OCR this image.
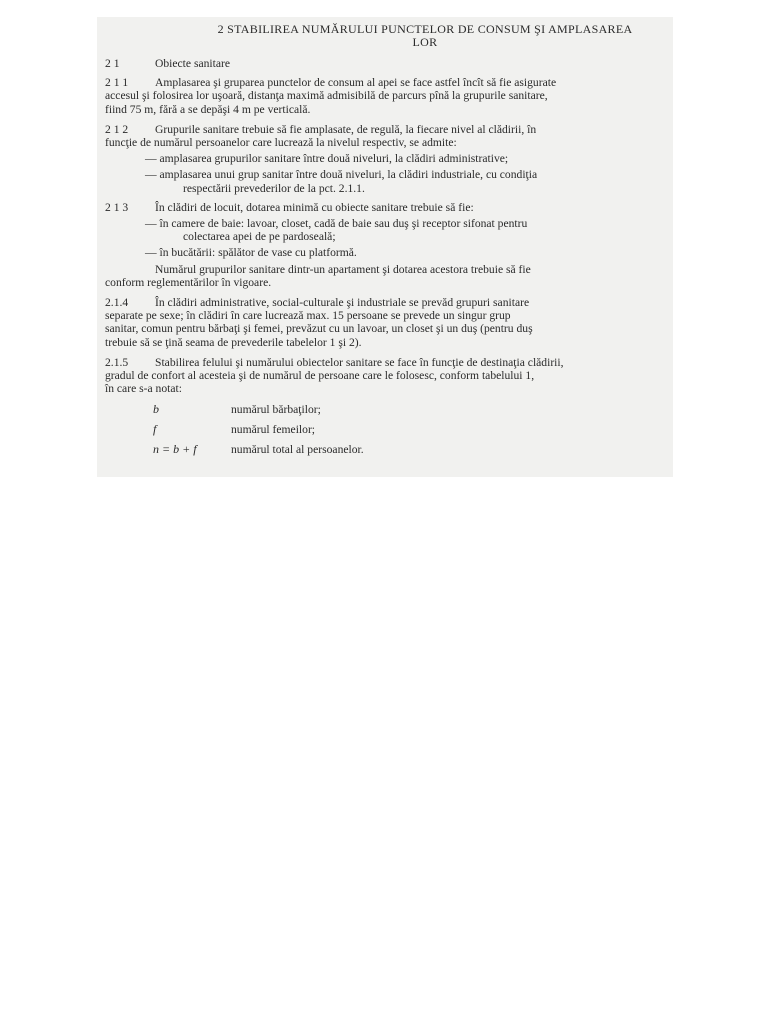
2 STABILIREA NUMĂRULUI PUNCTELOR DE CONSUM ŞI AMPLASAREA
LOR
2 1	Obiecte sanitare
2 1 1 Amplasarea şi gruparea punctelor de consum al apei se face astfel încît să fie asigurate
accesul şi folosirea lor uşoară, distanţa maximă admisibilă de parcurs pînă la grupurile sanitare,
fiind 75 m, fără a se depăşi 4 m pe verticală.
2 1 2 Grupurile sanitare trebuie să fie amplasate, de regulă, la fiecare nivel al clădirii, în
funcţie de numărul persoanelor care lucrează la nivelul respectiv, se admite:
— amplasarea grupurilor sanitare între două niveluri, la clădiri administrative;
— amplasarea unui grup sanitar între două niveluri, la clădiri industriale, cu condiţia
respectării prevederilor de la pct. 2.1.1.
2 1 3 În clădiri de locuit, dotarea minimă cu obiecte sanitare trebuie să fie:
— în camere de baie: lavoar, closet, cadă de baie sau duş şi receptor sifonat pentru
colectarea apei de pe pardoseală;
— în bucătării: spălător de vase cu platformă.
Numărul grupurilor sanitare dintr-un apartament şi dotarea acestora trebuie să fie
conform reglementărilor în vigoare.
2.1.4 În clădiri administrative, social-culturale şi industriale se prevăd grupuri sanitare
separate pe sexe; în clădiri în care lucrează max. 15 persoane se prevede un singur grup
sanitar, comun pentru bărbaţi şi femei, prevăzut cu un lavoar, un closet şi un duş (pentru duş
trebuie să se ţină seama de prevederile tabelelor 1 şi 2).
2.1.5 Stabilirea felului şi numărului obiectelor sanitare se face în funcţie de destinaţia clădirii,
gradul de confort al acesteia şi de numărul de persoane care le folosesc, conform tabelului 1,
în care s-a notat:
b	numărul bărbaţilor;
f	numărul femeilor;
n = b + f	numărul total al persoanelor.
